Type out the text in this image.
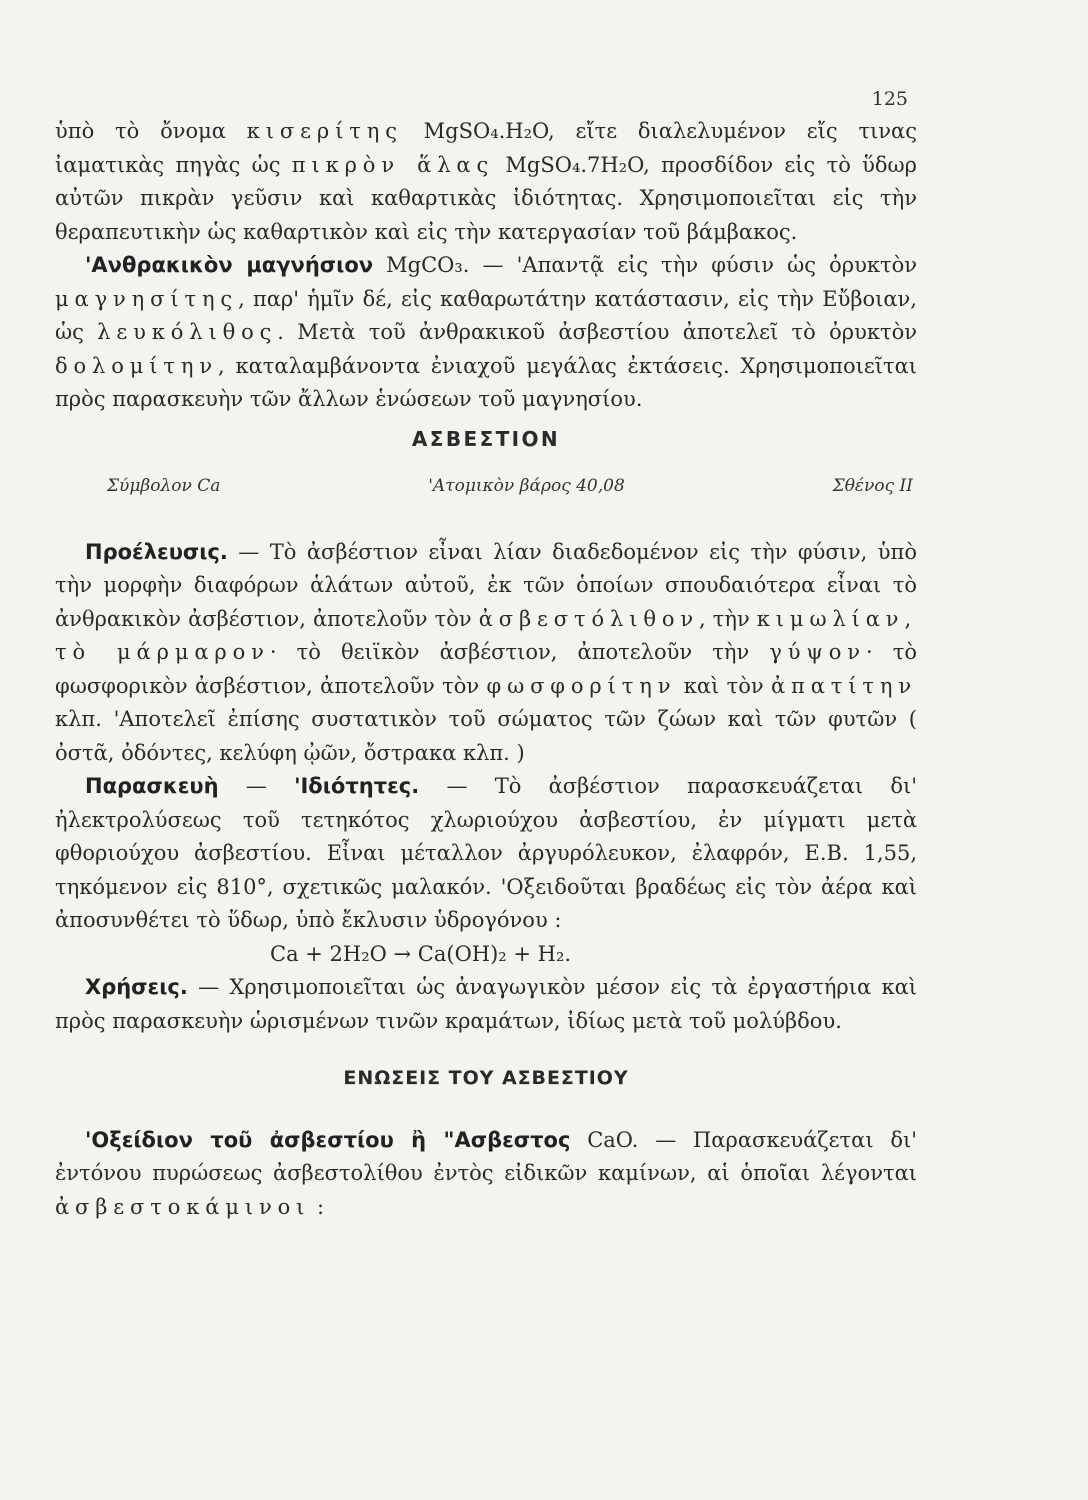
125

ὑπὸ τὸ ὄνομα κισερίτης MgSO₄.H₂O, εἴτε διαλελυμένον εἴς τινας ἰαματικὰς πηγὰς ὡς πικρὸν ἅλας MgSO₄.7H₂O, προσδίδον εἰς τὸ ὕδωρ αὐτῶν πικρὰν γεῦσιν καὶ καθαρτικὰς ἰδιότητας. Χρησιμοποιεῖται εἰς τὴν θεραπευτικὴν ὡς καθαρτικὸν καὶ εἰς τὴν κατεργασίαν τοῦ βάμβακος.

'Ανθρακικὸν μαγνήσιον MgCO₃. — 'Απαντᾷ εἰς τὴν φύσιν ὡς ὀρυκτὸν μαγνησίτης, παρ' ἡμῖν δέ, εἰς καθαρωτάτην κατάστασιν, εἰς τὴν Εὔβοιαν, ὡς λευκόλιθος. Μετὰ τοῦ ἀνθρακικοῦ ἀσβεστίου ἀποτελεῖ τὸ ὀρυκτὸν δολομίτην, καταλαμβάνοντα ἐνιαχοῦ μεγάλας ἐκτάσεις. Χρησιμοποιεῖται πρὸς παρασκευὴν τῶν ἄλλων ἑνώσεων τοῦ μαγνησίου.

ΑΣΒΕΣΤΙΟΝ
Σύμβολον Ca	'Ατομικὸν βάρος 40,08	Σθένος II

Προέλευσις. — Τὸ ἀσβέστιον εἶναι λίαν διαδεδομένον εἰς τὴν φύσιν, ὑπὸ τὴν μορφὴν διαφόρων ἁλάτων αὐτοῦ, ἐκ τῶν ὁποίων σπουδαιότερα εἶναι τὸ ἀνθρακικὸν ἀσβέστιον, ἀποτελοῦν τὸν ἀσβεστόλιθον, τὴν κιμωλίαν, τὸ μάρμαρον· τὸ θειϊκὸν ἀσβέστιον, ἀποτελοῦν τὴν γύψον· τὸ φωσφορικὸν ἀσβέστιον, ἀποτελοῦν τὸν φωσφορίτην καὶ τὸν ἀπατίτην κλπ. 'Αποτελεῖ ἐπίσης συστατικὸν τοῦ σώματος τῶν ζώων καὶ τῶν φυτῶν ( ὀστᾶ, ὀδόντες, κελύφη ᾠῶν, ὄστρακα κλπ. )

Παρασκευὴ — 'Ιδιότητες. — Τὸ ἀσβέστιον παρασκευάζεται δι' ἠλεκτρολύσεως τοῦ τετηκότος χλωριούχου ἀσβεστίου, ἐν μίγματι μετὰ φθοριούχου ἀσβεστίου. Εἶναι μέταλλον ἀργυρόλευκον, ἐλαφρόν, Ε.Β. 1,55, τηκόμενον εἰς 810°, σχετικῶς μαλακόν. 'Οξειδοῦται βραδέως εἰς τὸν ἀέρα καὶ ἀποσυνθέτει τὸ ὕδωρ, ὑπὸ ἔκλυσιν ὑδρογόνου :

Ca + 2H₂O → Ca(OH)₂ + H₂.

Χρήσεις. — Χρησιμοποιεῖται ὡς ἀναγωγικὸν μέσον εἰς τὰ ἐργαστήρια καὶ πρὸς παρασκευὴν ὡρισμένων τινῶν κραμάτων, ἰδίως μετὰ τοῦ μολύβδου.

ΕΝΩΣΕΙΣ ΤΟΥ ΑΣΒΕΣΤΙΟΥ

'Οξείδιον τοῦ ἀσβεστίου ἢ "Ασβεστος CaO. — Παρασκευάζεται δι' ἐντόνου πυρώσεως ἀσβεστολίθου ἐντὸς εἰδικῶν καμίνων, αἱ ὁποῖαι λέγονται ἀσβεστοκάμινοι :
